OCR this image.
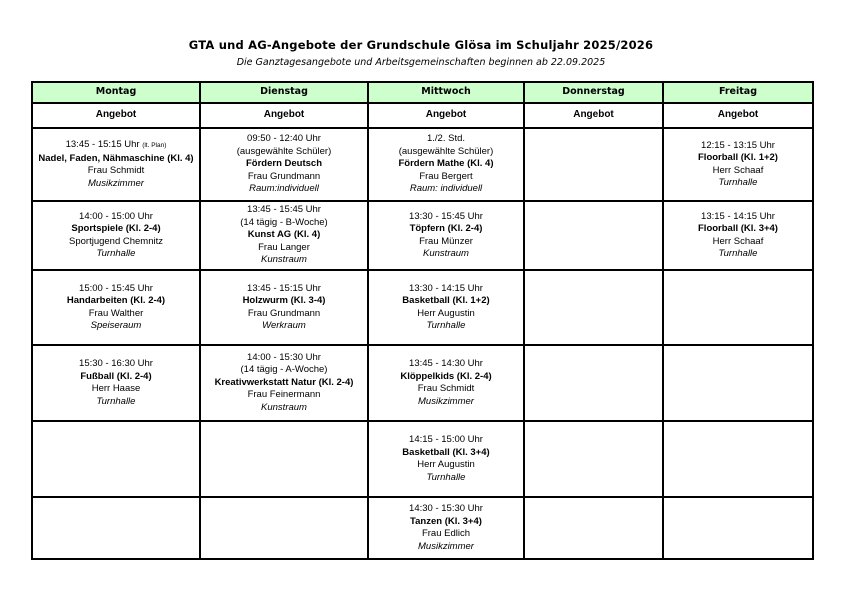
GTA und AG-Angebote der Grundschule Glösa im Schuljahr 2025/2026
Die Ganztagesangebote und Arbeitsgemeinschaften beginnen ab 22.09.2025
Montag	Dienstag	Mittwoch	Donnerstag	Freitag
Angebot	Angebot	Angebot	Angebot	Angebot

13:45 - 15:15 Uhr (lt. Plan)
Nadel, Faden, Nähmaschine (Kl. 4)
Frau Schmidt
Musikzimmer	09:50 - 12:40 Uhr
(ausgewählte Schüler)
Fördern Deutsch
Frau Grundmann
Raum:individuell	1./2. Std.
(ausgewählte Schüler)
Fördern Mathe (Kl. 4)
Frau Bergert
Raum: individuell		12:15 - 13:15 Uhr
Floorball (Kl. 1+2)
Herr Schaaf
Turnhalle

14:00 - 15:00 Uhr
Sportspiele (Kl. 2-4)
Sportjugend Chemnitz
Turnhalle	13:45 - 15:45 Uhr
(14 tägig - B-Woche)
Kunst AG (Kl. 4)
Frau Langer
Kunstraum	13:30 - 15:45 Uhr
Töpfern (Kl. 2-4)
Frau Münzer
Kunstraum		13:15 - 14:15 Uhr
Floorball (Kl. 3+4)
Herr Schaaf
Turnhalle

15:00 - 15:45 Uhr
Handarbeiten (Kl. 2-4)
Frau Walther
Speiseraum	13:45 - 15:15 Uhr
Holzwurm (Kl. 3-4)
Frau Grundmann
Werkraum	13:30 - 14:15 Uhr
Basketball (Kl. 1+2)
Herr Augustin
Turnhalle		

15:30 - 16:30 Uhr
Fußball (Kl. 2-4)
Herr Haase
Turnhalle	14:00 - 15:30 Uhr
(14 tägig - A-Woche)
Kreativwerkstatt Natur (Kl. 2-4)
Frau Feinermann
Kunstraum	13:45 - 14:30 Uhr
Klöppelkids (Kl. 2-4)
Frau Schmidt
Musikzimmer		

		14:15 - 15:00 Uhr
Basketball (Kl. 3+4)
Herr Augustin
Turnhalle		

		14:30 - 15:30 Uhr
Tanzen (Kl. 3+4)
Frau Edlich
Musikzimmer		
